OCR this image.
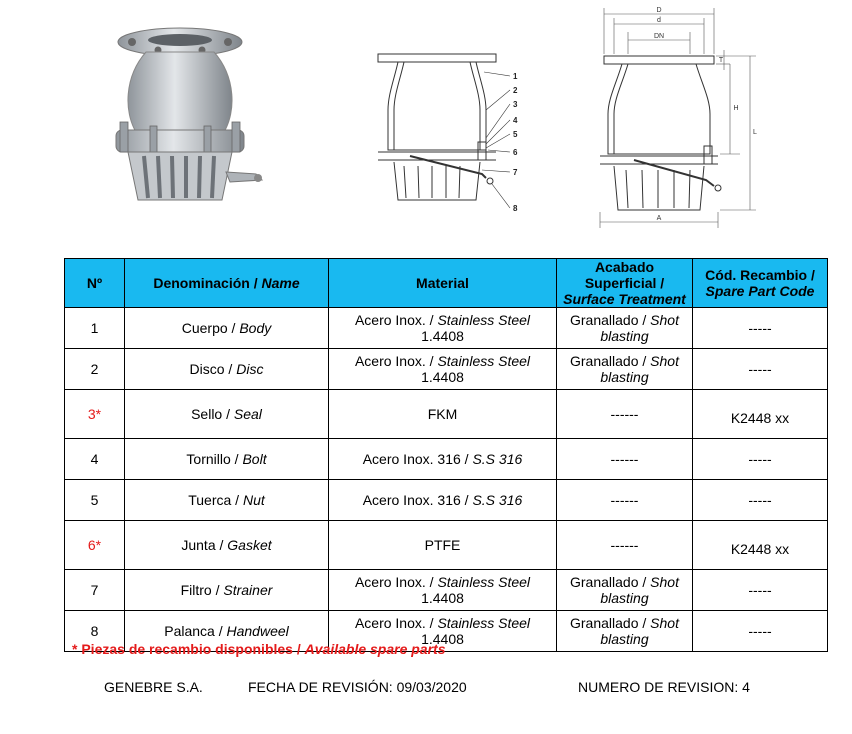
1
2
3
4
5
6
7
8
D
d
DN
T
H
L
A
Nº	Denominación / Name	Material	Acabado Superficial /
Surface Treatment	Cód. Recambio /
Spare Part Code
1	Cuerpo / Body	Acero Inox. / Stainless Steel
1.4408	Granallado / Shot blasting	-----
2	Disco / Disc	Acero Inox. / Stainless Steel
1.4408	Granallado / Shot blasting	-----
3*	Sello / Seal	FKM	------	K2448 xx
4	Tornillo / Bolt	Acero Inox. 316 / S.S 316	------	-----
5	Tuerca / Nut	Acero Inox. 316 / S.S 316	------	-----
6*	Junta / Gasket	PTFE	------	K2448 xx
7	Filtro / Strainer	Acero Inox. / Stainless Steel
1.4408	Granallado / Shot blasting	-----
8	Palanca / Handweel	Acero Inox. / Stainless Steel
1.4408	Granallado / Shot blasting	-----
* Piezas de recambio disponibles / Available spare parts
GENEBRE S.A.	FECHA DE REVISIÓN: 09/03/2020	NUMERO DE REVISION: 4
